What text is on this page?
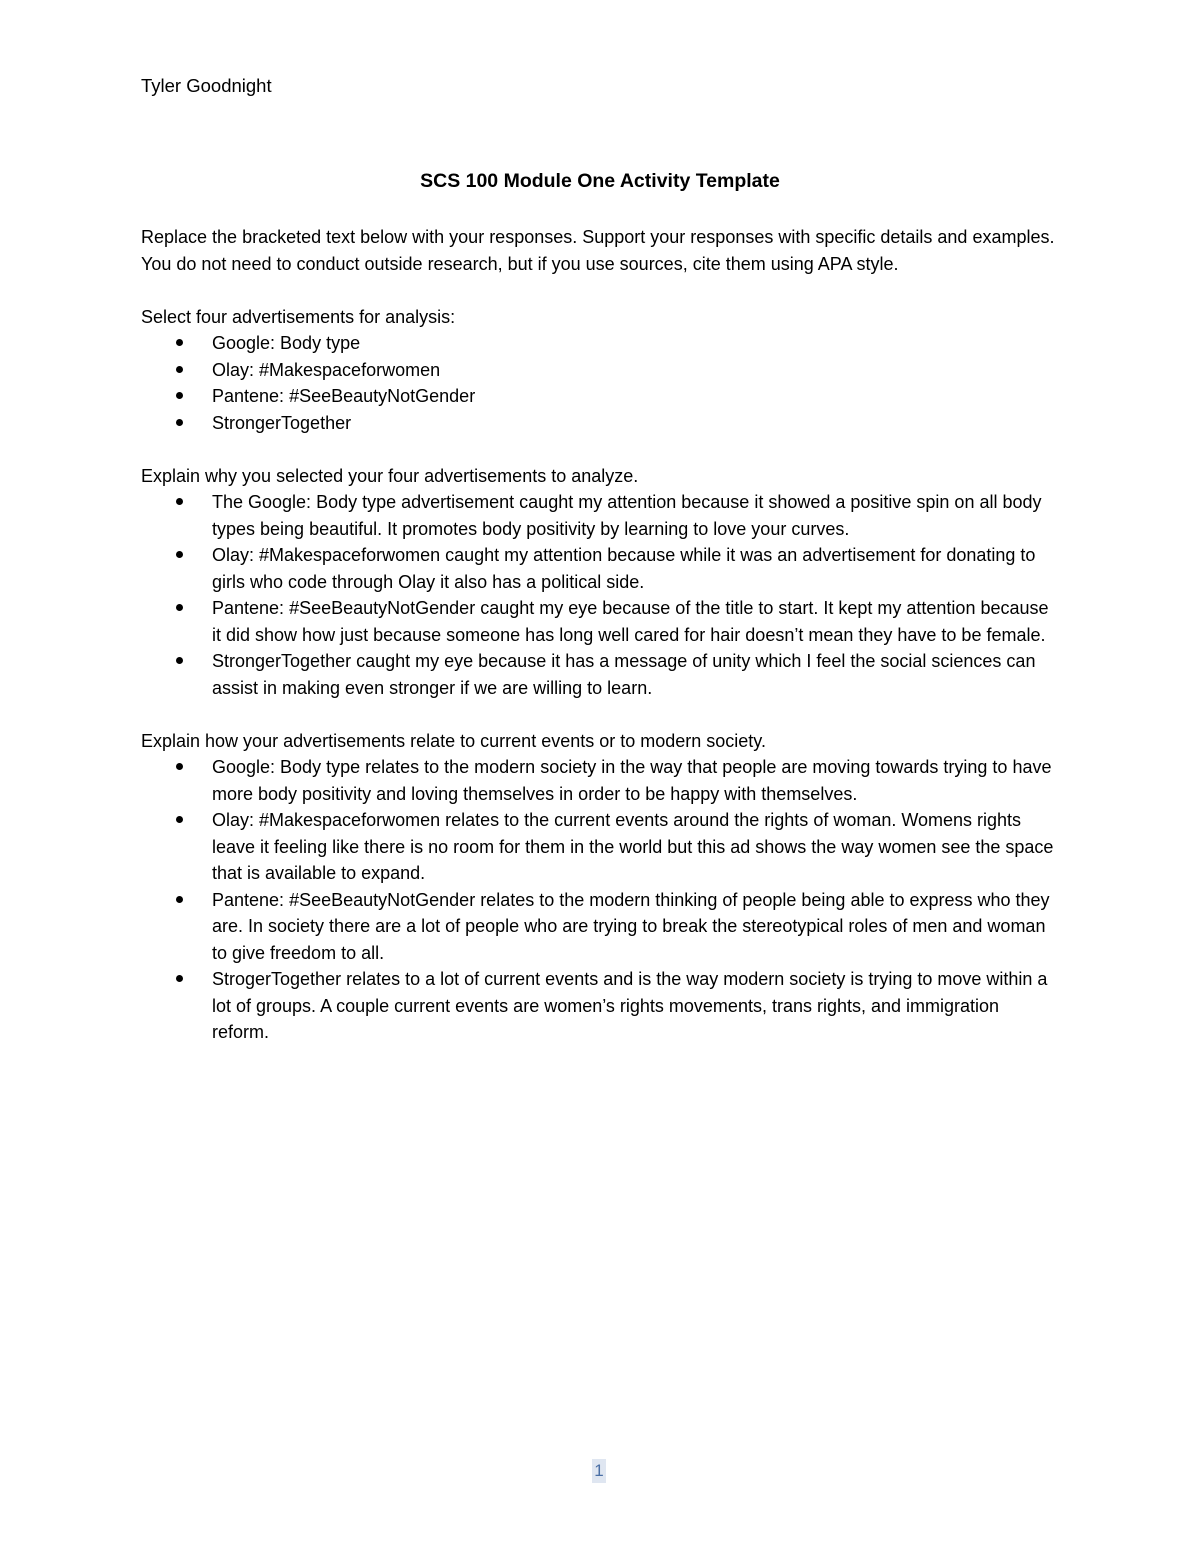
Tyler Goodnight
SCS 100 Module One Activity Template

Replace the bracketed text below with your responses. Support your responses with specific details and examples. You do not need to conduct outside research, but if you use sources, cite them using APA style.

Select four advertisements for analysis:

Google: Body type
Olay: #Makespaceforwomen
Pantene: #SeeBeautyNotGender
StrongerTogether

Explain why you selected your four advertisements to analyze.

The Google: Body type advertisement caught my attention because it showed a positive spin on all body types being beautiful. It promotes body positivity by learning to love your curves.
Olay: #Makespaceforwomen caught my attention because while it was an advertisement for donating to girls who code through Olay it also has a political side.
Pantene: #SeeBeautyNotGender caught my eye because of the title to start. It kept my attention because it did show how just because someone has long well cared for hair doesn’t mean they have to be female.
StrongerTogether caught my eye because it has a message of unity which I feel the social sciences can assist in making even stronger if we are willing to learn.

Explain how your advertisements relate to current events or to modern society.

Google: Body type relates to the modern society in the way that people are moving towards trying to have more body positivity and loving themselves in order to be happy with themselves.
Olay: #Makespaceforwomen relates to the current events around the rights of woman. Womens rights leave it feeling like there is no room for them in the world but this ad shows the way women see the space that is available to expand.
Pantene: #SeeBeautyNotGender relates to the modern thinking of people being able to express who they are. In society there are a lot of people who are trying to break the stereotypical roles of men and woman to give freedom to all.
StrogerTogether relates to a lot of current events and is the way modern society is trying to move within a lot of groups. A couple current events are women’s rights movements, trans rights, and immigration reform.
1
